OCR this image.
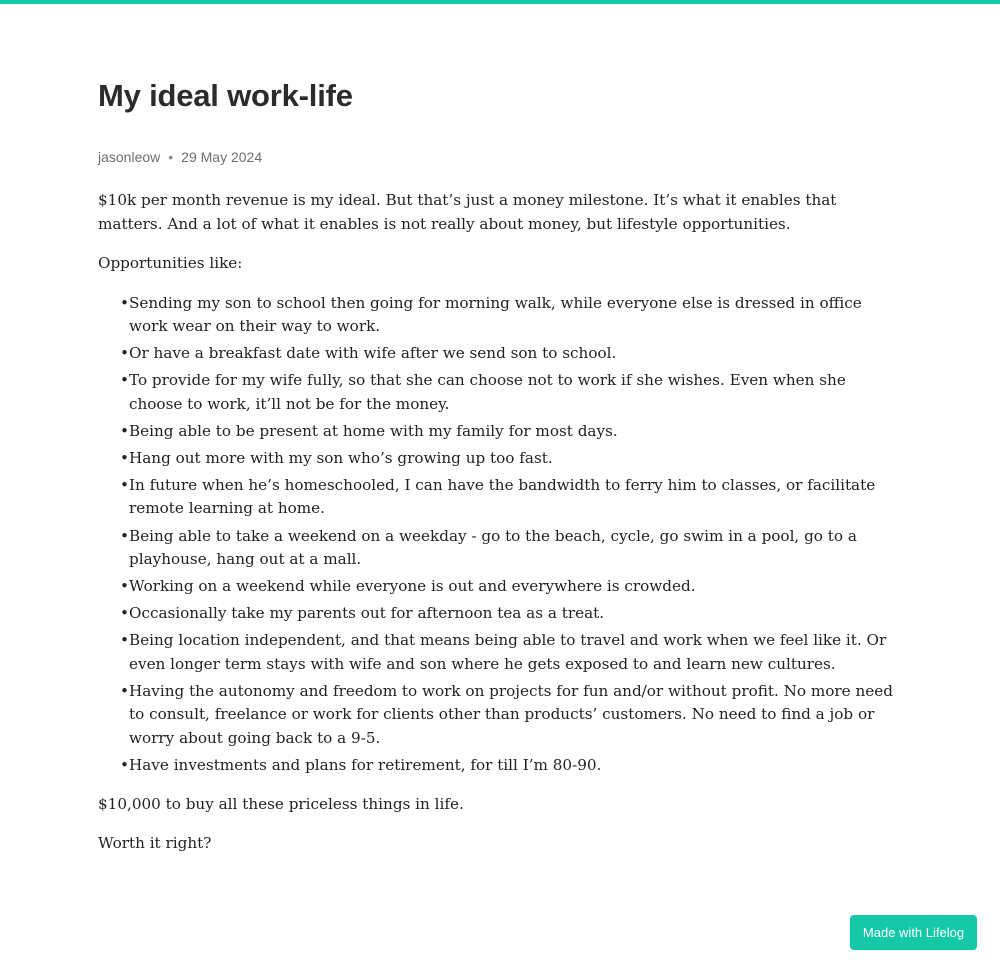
My ideal work-life
jasonleow • 29 May 2024

$10k per month revenue is my ideal. But that’s just a money milestone. It’s what it enables that matters. And a lot of what it enables is not really about money, but lifestyle opportunities.

Opportunities like:

• Sending my son to school then going for morning walk, while everyone else is dressed in office work wear on their way to work.
• Or have a breakfast date with wife after we send son to school.
• To provide for my wife fully, so that she can choose not to work if she wishes. Even when she choose to work, it’ll not be for the money.
• Being able to be present at home with my family for most days.
• Hang out more with my son who’s growing up too fast.
• In future when he’s homeschooled, I can have the bandwidth to ferry him to classes, or facilitate remote learning at home.
• Being able to take a weekend on a weekday - go to the beach, cycle, go swim in a pool, go to a playhouse, hang out at a mall.
• Working on a weekend while everyone is out and everywhere is crowded.
• Occasionally take my parents out for afternoon tea as a treat.
• Being location independent, and that means being able to travel and work when we feel like it. Or even longer term stays with wife and son where he gets exposed to and learn new cultures.
• Having the autonomy and freedom to work on projects for fun and/or without profit. No more need to consult, freelance or work for clients other than products’ customers. No need to find a job or worry about going back to a 9-5.
• Have investments and plans for retirement, for till I’m 80-90.

$10,000 to buy all these priceless things in life.

Worth it right?

Made with Lifelog
